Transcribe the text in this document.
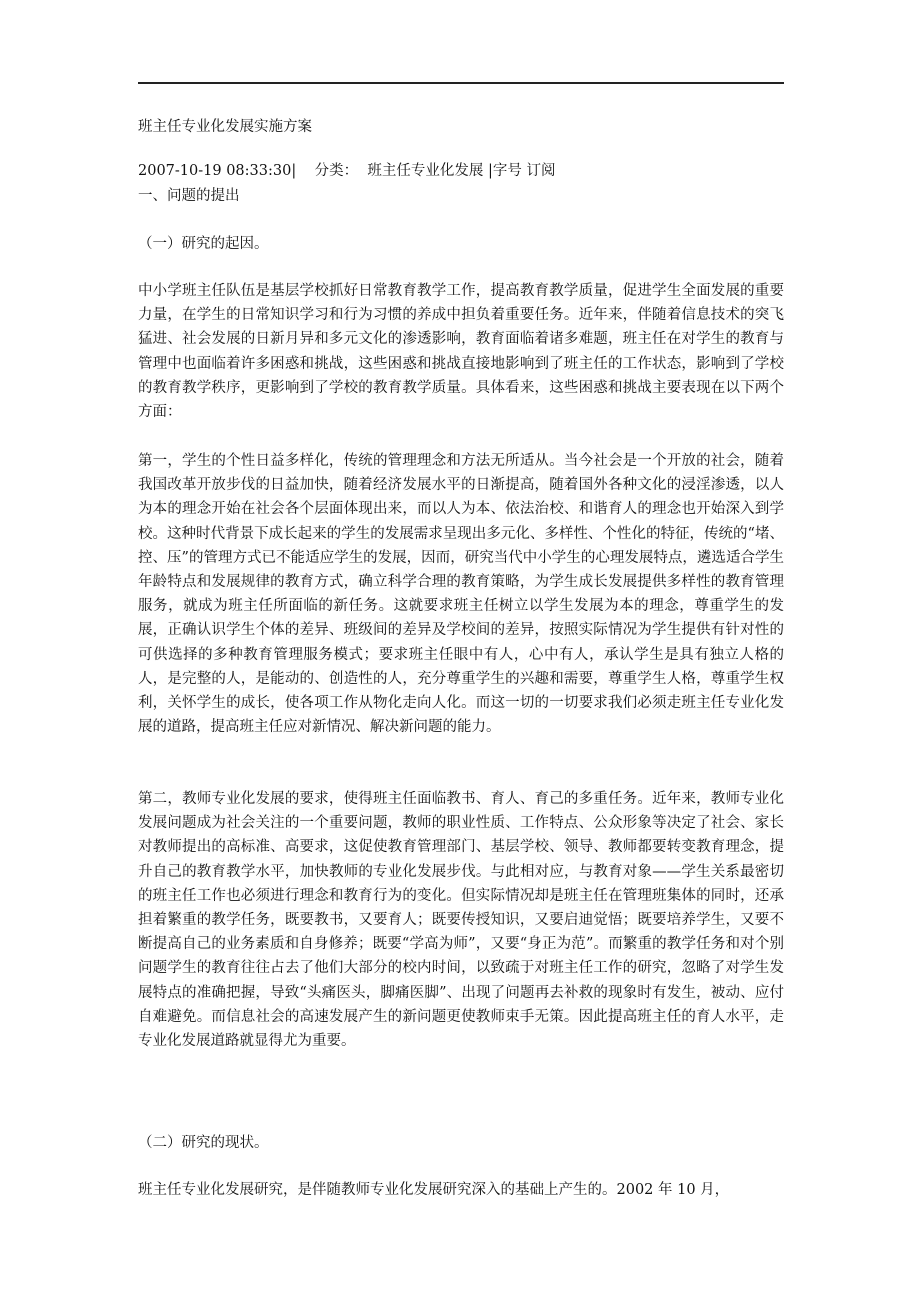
班主任专业化发展实施方案
2007-10-19 08:33:30| 分类： 班主任专业化发展 |字号 订阅
一、问题的提出
（一）研究的起因。
中小学班主任队伍是基层学校抓好日常教育教学工作，提高教育教学质量，促进学生全面发展的重要力量，在学生的日常知识学习和行为习惯的养成中担负着重要任务。近年来，伴随着信息技术的突飞猛进、社会发展的日新月异和多元文化的渗透影响，教育面临着诸多难题，班主任在对学生的教育与管理中也面临着许多困惑和挑战，这些困惑和挑战直接地影响到了班主任的工作状态，影响到了学校的教育教学秩序，更影响到了学校的教育教学质量。具体看来，这些困惑和挑战主要表现在以下两个方面：
第一，学生的个性日益多样化，传统的管理理念和方法无所适从。当今社会是一个开放的社会，随着我国改革开放步伐的日益加快，随着经济发展水平的日渐提高，随着国外各种文化的浸淫渗透，以人为本的理念开始在社会各个层面体现出来，而以人为本、依法治校、和谐育人的理念也开始深入到学校。这种时代背景下成长起来的学生的发展需求呈现出多元化、多样性、个性化的特征，传统的“堵、控、压”的管理方式已不能适应学生的发展，因而，研究当代中小学生的心理发展特点，遴选适合学生年龄特点和发展规律的教育方式，确立科学合理的教育策略，为学生成长发展提供多样性的教育管理服务，就成为班主任所面临的新任务。这就要求班主任树立以学生发展为本的理念，尊重学生的发展，正确认识学生个体的差异、班级间的差异及学校间的差异，按照实际情况为学生提供有针对性的可供选择的多种教育管理服务模式；要求班主任眼中有人，心中有人，承认学生是具有独立人格的人，是完整的人，是能动的、创造性的人，充分尊重学生的兴趣和需要，尊重学生人格，尊重学生权利，关怀学生的成长，使各项工作从物化走向人化。而这一切的一切要求我们必须走班主任专业化发展的道路，提高班主任应对新情况、解决新问题的能力。
第二，教师专业化发展的要求，使得班主任面临教书、育人、育己的多重任务。近年来，教师专业化发展问题成为社会关注的一个重要问题，教师的职业性质、工作特点、公众形象等决定了社会、家长对教师提出的高标准、高要求，这促使教育管理部门、基层学校、领导、教师都要转变教育理念，提升自己的教育教学水平，加快教师的专业化发展步伐。与此相对应，与教育对象——学生关系最密切的班主任工作也必须进行理念和教育行为的变化。但实际情况却是班主任在管理班集体的同时，还承担着繁重的教学任务，既要教书，又要育人；既要传授知识，又要启迪觉悟；既要培养学生，又要不断提高自己的业务素质和自身修养；既要“学高为师”，又要“身正为范”。而繁重的教学任务和对个别问题学生的教育往往占去了他们大部分的校内时间，以致疏于对班主任工作的研究，忽略了对学生发展特点的准确把握，导致“头痛医头，脚痛医脚”、出现了问题再去补救的现象时有发生，被动、应付自难避免。而信息社会的高速发展产生的新问题更使教师束手无策。因此提高班主任的育人水平，走专业化发展道路就显得尤为重要。
（二）研究的现状。
班主任专业化发展研究，是伴随教师专业化发展研究深入的基础上产生的。2002 年 10 月，
